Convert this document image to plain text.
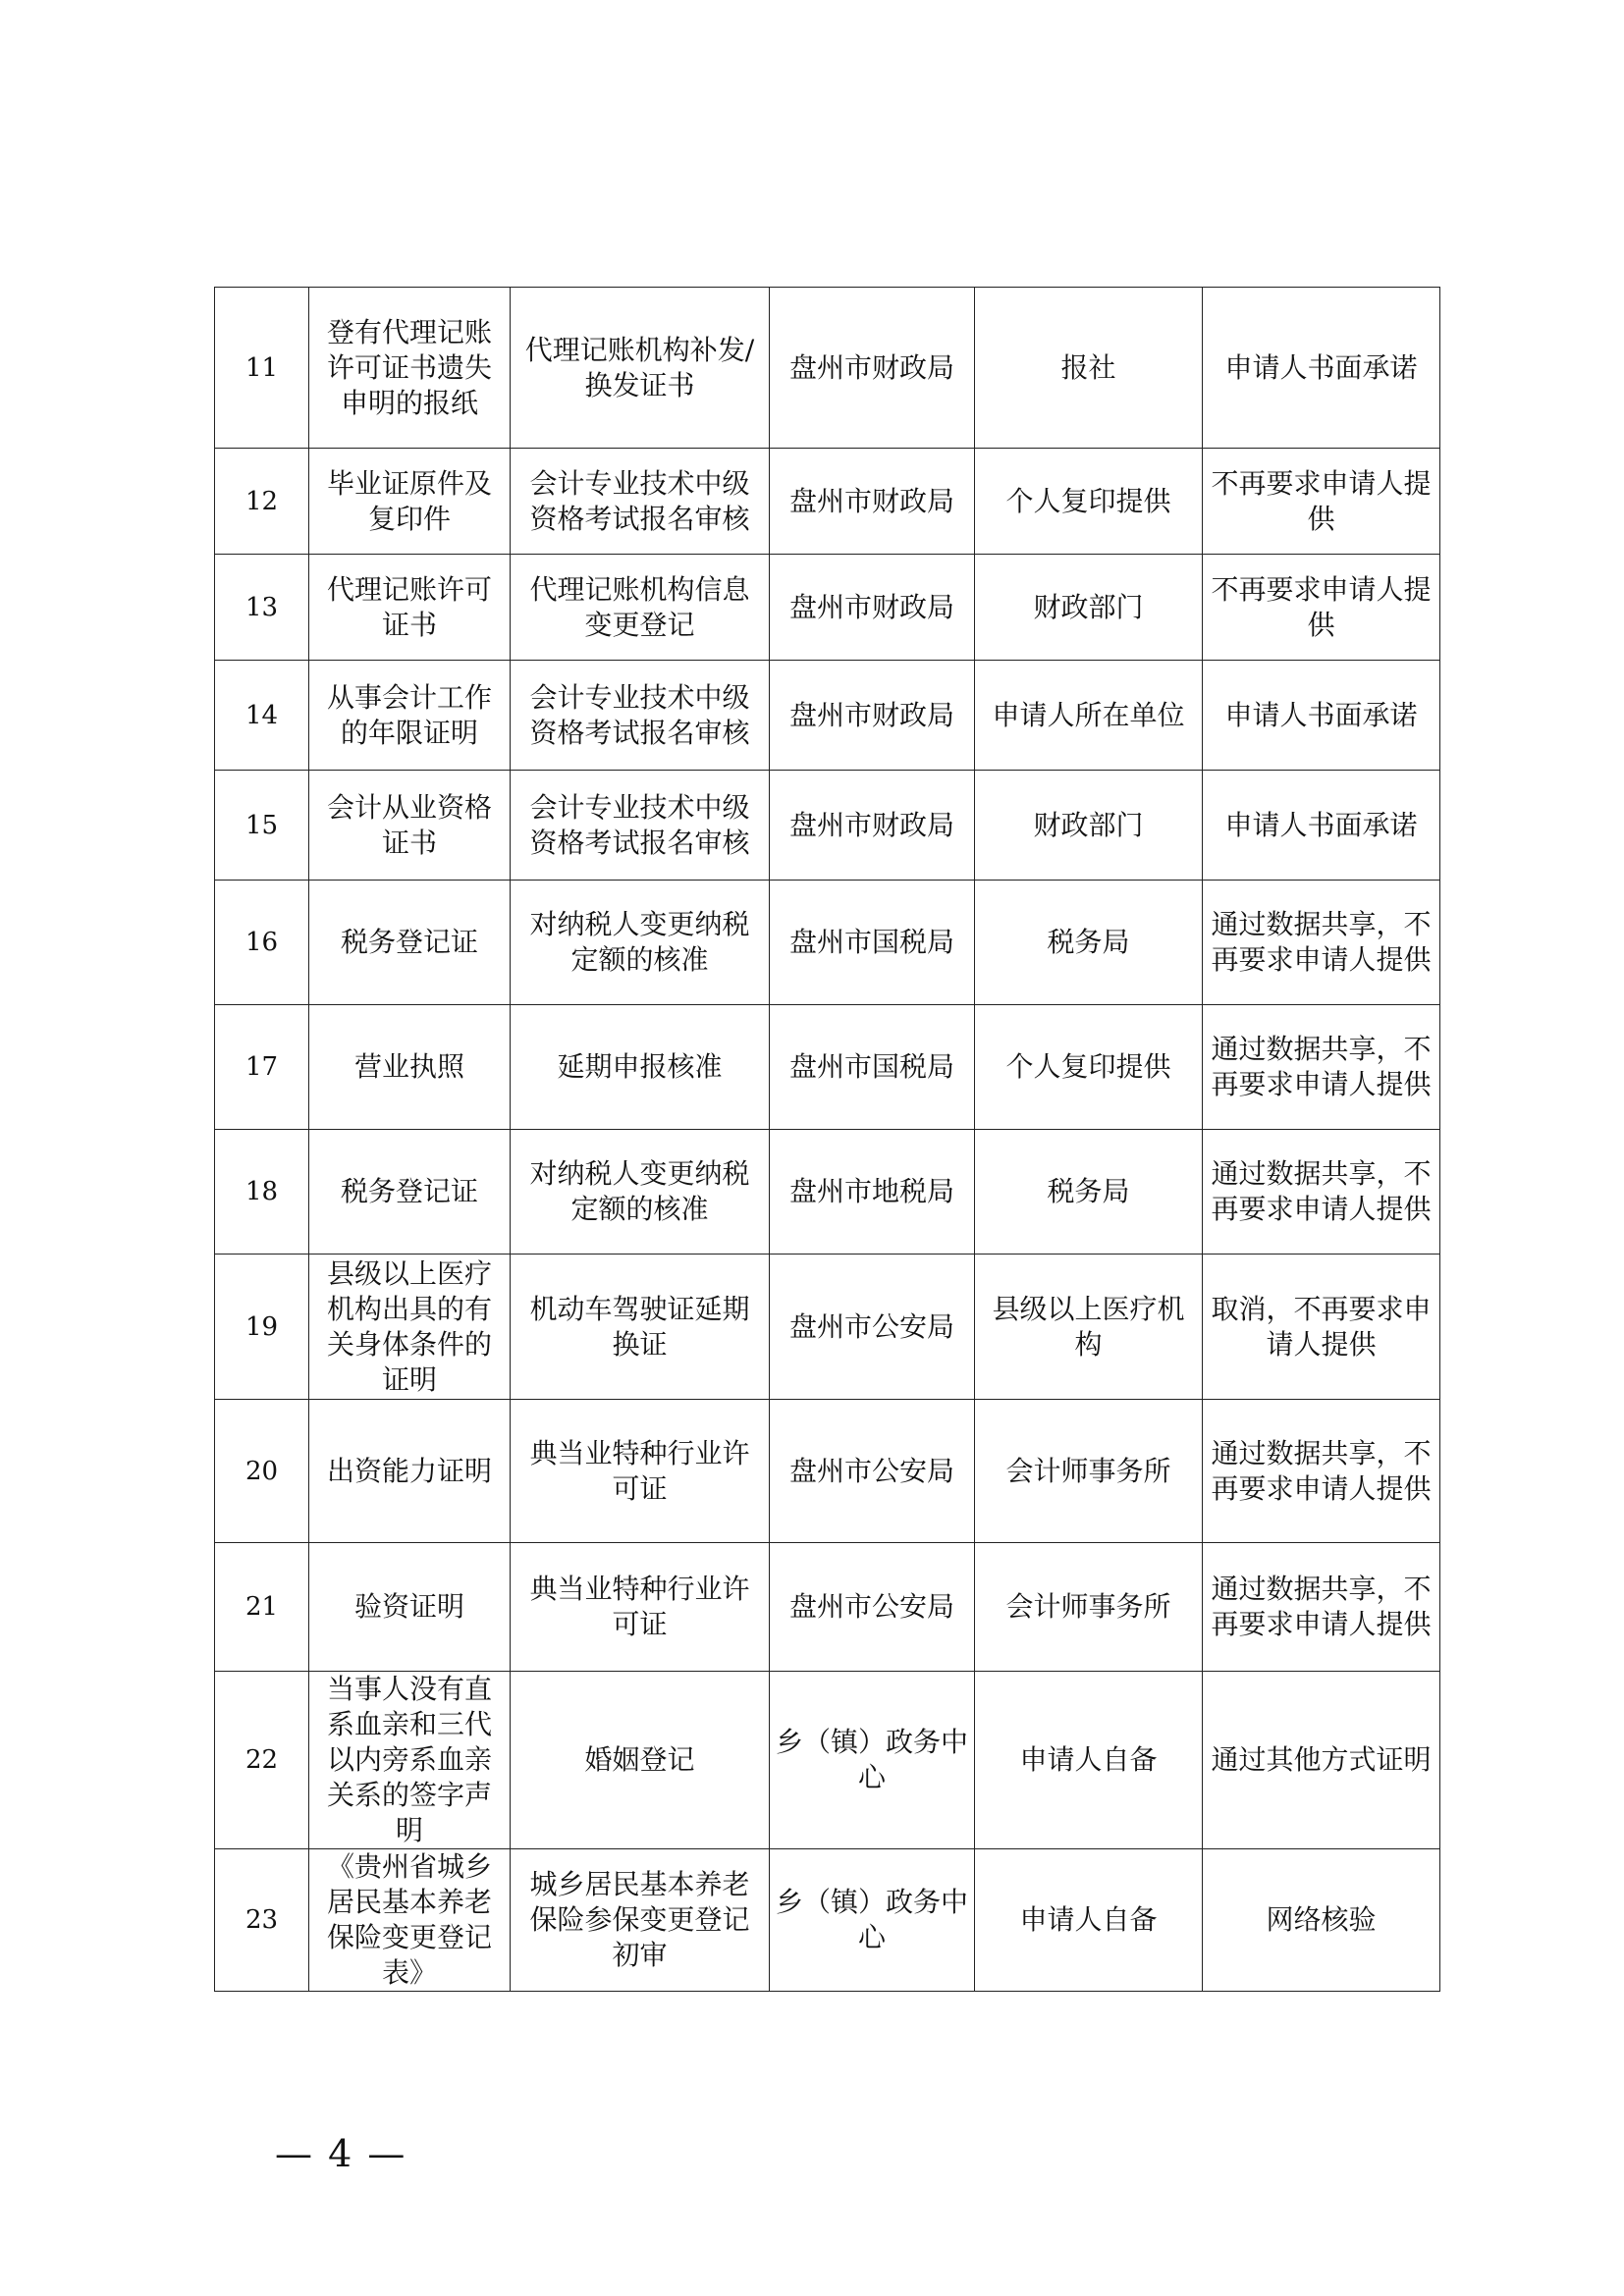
11	登有代理记账许可证书遗失申明的报纸	代理记账机构补发/换发证书	盘州市财政局	报社	申请人书面承诺
12	毕业证原件及复印件	会计专业技术中级资格考试报名审核	盘州市财政局	个人复印提供	不再要求申请人提供
13	代理记账许可证书	代理记账机构信息变更登记	盘州市财政局	财政部门	不再要求申请人提供
14	从事会计工作的年限证明	会计专业技术中级资格考试报名审核	盘州市财政局	申请人所在单位	申请人书面承诺
15	会计从业资格证书	会计专业技术中级资格考试报名审核	盘州市财政局	财政部门	申请人书面承诺
16	税务登记证	对纳税人变更纳税定额的核准	盘州市国税局	税务局	通过数据共享，不再要求申请人提供
17	营业执照	延期申报核准	盘州市国税局	个人复印提供	通过数据共享，不再要求申请人提供
18	税务登记证	对纳税人变更纳税定额的核准	盘州市地税局	税务局	通过数据共享，不再要求申请人提供
19	县级以上医疗机构出具的有关身体条件的证明	机动车驾驶证延期换证	盘州市公安局	县级以上医疗机构	取消，不再要求申请人提供
20	出资能力证明	典当业特种行业许可证	盘州市公安局	会计师事务所	通过数据共享，不再要求申请人提供
21	验资证明	典当业特种行业许可证	盘州市公安局	会计师事务所	通过数据共享，不再要求申请人提供
22	当事人没有直系血亲和三代以内旁系血亲关系的签字声明	婚姻登记	乡（镇）政务中心	申请人自备	通过其他方式证明
23	《贵州省城乡居民基本养老保险变更登记表》	城乡居民基本养老保险参保变更登记初审	乡（镇）政务中心	申请人自备	网络核验
— 4 —
